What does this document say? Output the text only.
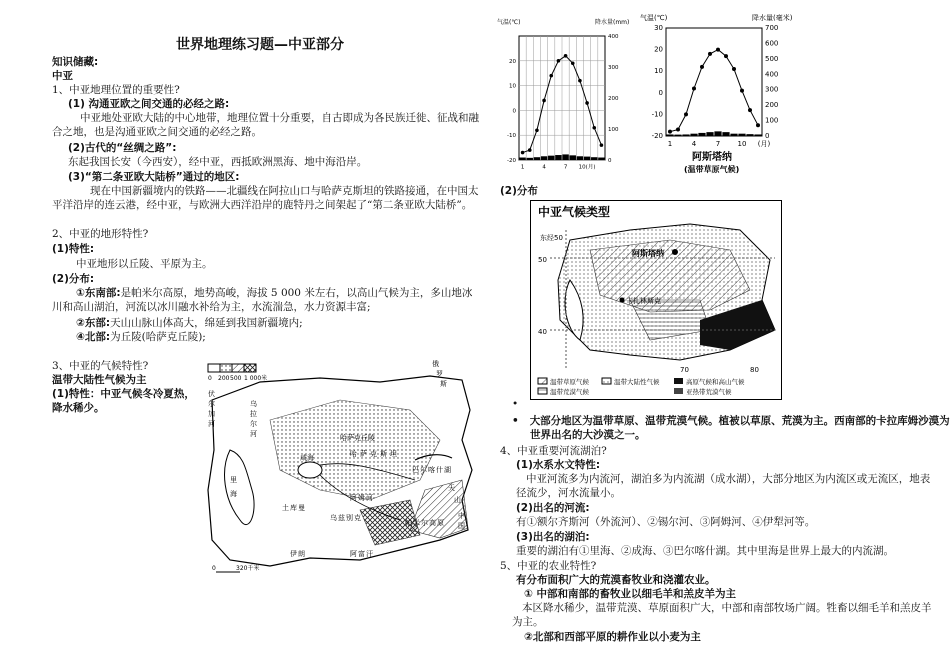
世界地理练习题—中亚部分
知识储藏:
中亚
1、中亚地理位置的重要性?
(1) 沟通亚欧之间交通的必经之路:
中亚地处亚欧大陆的中心地带，地理位置十分重要，自古即成为各民族迁徙、征战和融合之地，也是沟通亚欧之间交通的必经之路。
(2)古代的“丝绸之路”:
东起我国长安（今西安），经中亚，西抵欧洲黑海、地中海沿岸。
(3)“第二条亚欧大陆桥”通过的地区:
现在中国新疆境内的铁路——北疆线在阿拉山口与哈萨克斯坦的铁路接通，在中国太平洋沿岸的连云港，经中亚，与欧洲大西洋沿岸的鹿特丹之间架起了“第二条亚欧大陆桥”。
2、中亚的地形特性?
(1)特性:
中亚地形以丘陵、平原为主。
(2)分布:
①东南部:是帕米尔高原，地势高峻，海拔 5 000 米左右，以高山气候为主，多山地冰川和高山湖泊，河流以冰川融水补给为主，水流湍急，水力资源丰富;
②东部:天山山脉山体高大，绵延到我国新疆境内;
④北部:为丘陵(哈萨克丘陵);
3、中亚的气候特性?
温带大陆性气候为主
(1)特性：中亚气候冬冷夏热，降水稀少。
0 200 500 1 000米
俄
罗
斯
哈萨克丘陵
哈 萨 克 斯 坦
天
山
里
海
咸海
伏
尔
加
河
乌
拉
尔
河
阿 姆 河
帕 米 尔 高 原
巴 尔 喀 什 湖
中
国
伊 朗	阿 富 汗
土 库 曼
乌 兹 别 克
0	320千米
气温(℃)	降水量(mm)
-20
-10
0
10
20
0
100
200
300
400
1	4	7 10(月)
气温(℃)	降水量(毫米)
-20
-10
0
10
20
30
0
100
200
300
400
500
600
700
1	4	7 10 (月)
阿斯塔纳
(温带草原气候)
(2)分布
中亚气候类型
东经50
阿斯塔纳
卡扎林斯克
50
40
70	80
温带草原气候	温带大陆性气候	高原气候和高山气候
温带荒漠气候	亚热带荒漠气候
•
•   大部分地区为温带草原、温带荒漠气候。植被以草原、荒漠为主。西南部的卡拉库姆沙漠为世界出名的大沙漠之一。
4、中亚重要河流湖泊?
(1)水系水文特性:
中亚河流多为内流河，湖泊多为内流湖（成水湖），大部分地区为内流区或无流区，地表径流少，河水流量小。
(2)出名的河流:
有①额尔齐斯河（外流河）、②锡尔河、③阿姆河、④伊犁河等。
(3)出名的湖泊:
重要的湖泊有①里海、②成海、③巴尔喀什湖。其中里海是世界上最大的内流湖。
5、中亚的农业特性?
有分布面积广大的荒漠畜牧业和浇灌农业。
① 中部和南部的畜牧业以细毛羊和羔皮羊为主
本区降水稀少，温带荒漠、草原面积广大，中部和南部牧场广阔。牲畜以细毛羊和羔皮羊为主。
②北部和西部平原的耕作业以小麦为主
